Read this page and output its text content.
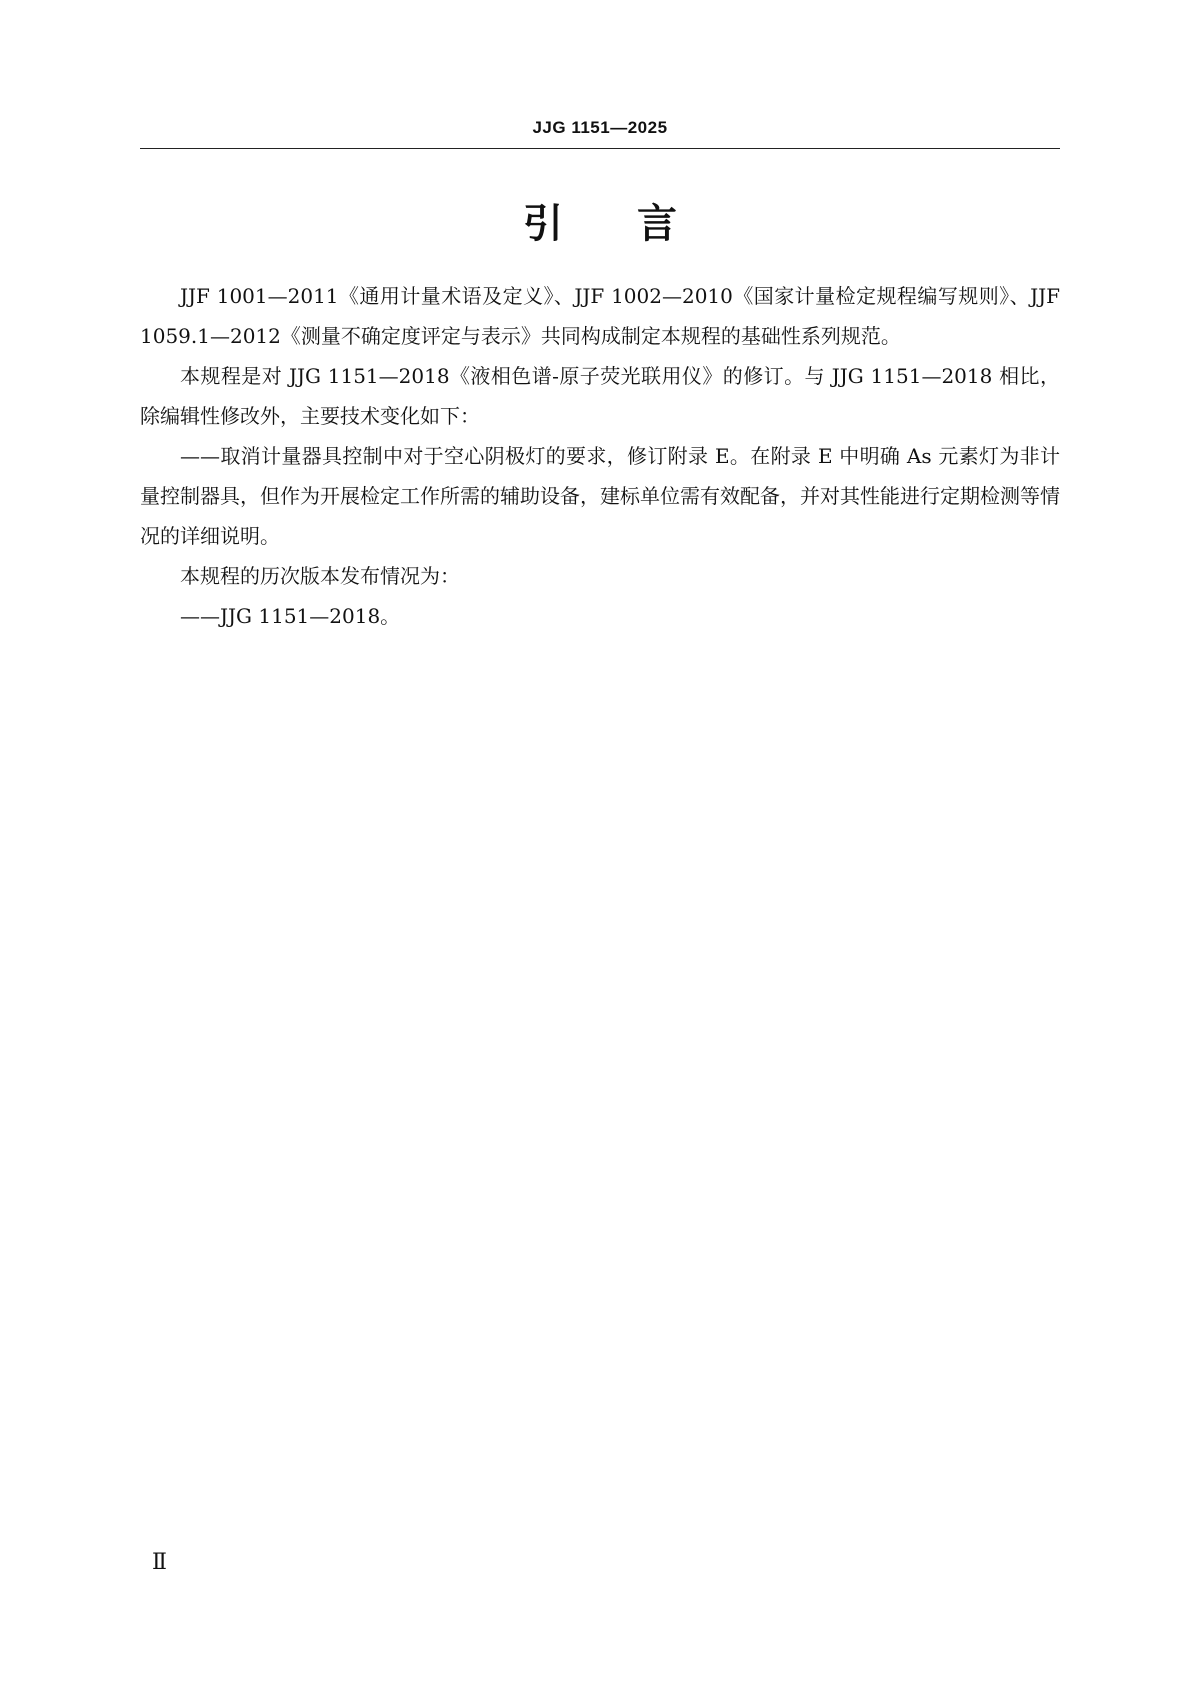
JJG 1151—2025
引言

JJF 1001—2011《通用计量术语及定义》、JJF 1002—2010《国家计量检定规程编写规则》、JJF 1059.1—2012《测量不确定度评定与表示》共同构成制定本规程的基础性系列规范。

本规程是对 JJG 1151—2018《液相色谱-原子荧光联用仪》的修订。与 JJG 1151—2018 相比，除编辑性修改外，主要技术变化如下：

——取消计量器具控制中对于空心阴极灯的要求，修订附录 E。在附录 E 中明确 As 元素灯为非计量控制器具，但作为开展检定工作所需的辅助设备，建标单位需有效配备，并对其性能进行定期检测等情况的详细说明。

本规程的历次版本发布情况为：

——JJG 1151—2018。

Ⅱ
